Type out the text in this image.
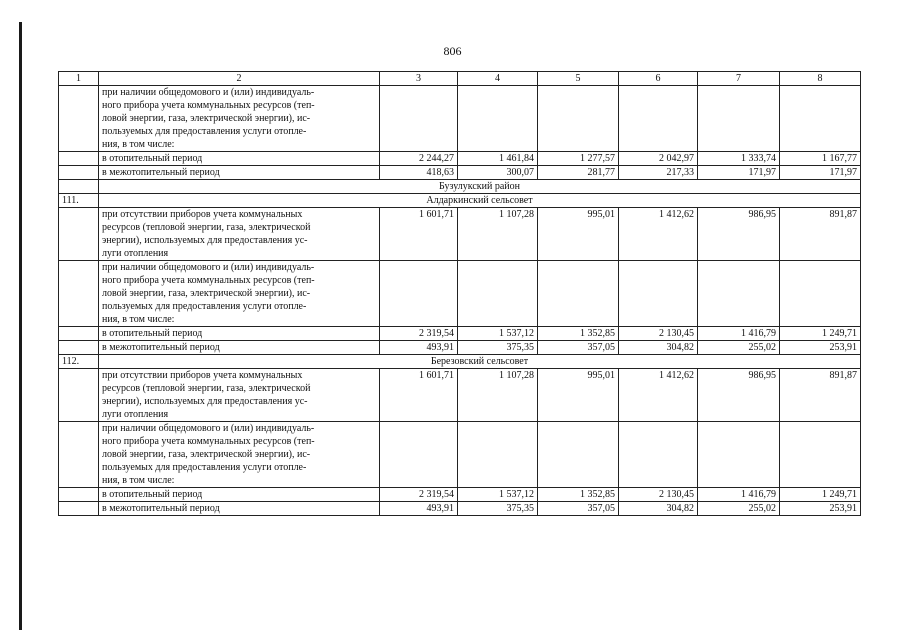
806
1	2	3	4	5	6	7	8
	при наличии общедомового и (или) индивидуаль-
ного прибора учета коммунальных ресурсов (теп-
ловой энергии, газа, электрической энергии), ис-
пользуемых для предоставления услуги отопле-
ния, в том числе:						
	в отопительный период	2 244,27	1 461,84	1 277,57	2 042,97	1 333,74	1 167,77
	в межотопительный период	418,63	300,07	281,77	217,33	171,97	171,97
	Бузулукский район						
111.	Алдаркинский сельсовет						
	при отсутствии приборов учета коммунальных
ресурсов (тепловой энергии, газа, электрической
энергии), используемых для предоставления ус-
луги отопления	1 601,71	1 107,28	995,01	1 412,62	986,95	891,87
	при наличии общедомового и (или) индивидуаль-
ного прибора учета коммунальных ресурсов (теп-
ловой энергии, газа, электрической энергии), ис-
пользуемых для предоставления услуги отопле-
ния, в том числе:						
	в отопительный период	2 319,54	1 537,12	1 352,85	2 130,45	1 416,79	1 249,71
	в межотопительный период	493,91	375,35	357,05	304,82	255,02	253,91
112.	Березовский сельсовет						
	при отсутствии приборов учета коммунальных
ресурсов (тепловой энергии, газа, электрической
энергии), используемых для предоставления ус-
луги отопления	1 601,71	1 107,28	995,01	1 412,62	986,95	891,87
	при наличии общедомового и (или) индивидуаль-
ного прибора учета коммунальных ресурсов (теп-
ловой энергии, газа, электрической энергии), ис-
пользуемых для предоставления услуги отопле-
ния, в том числе:						
	в отопительный период	2 319,54	1 537,12	1 352,85	2 130,45	1 416,79	1 249,71
	в межотопительный период	493,91	375,35	357,05	304,82	255,02	253,91
